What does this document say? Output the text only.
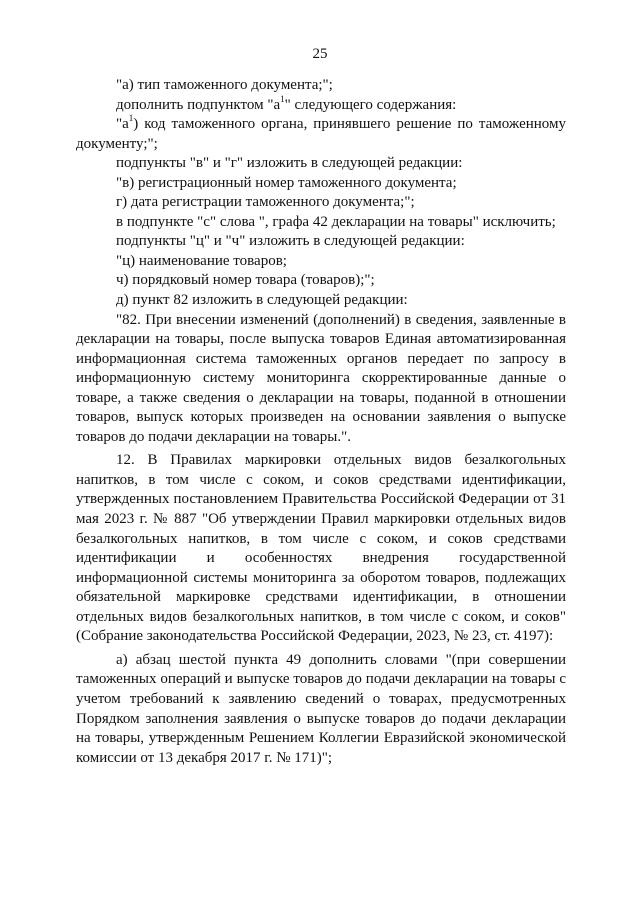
25

"а) тип таможенного документа;";

дополнить подпунктом "$а^1$" следующего содержания:

"$а^1$) код таможенного органа, принявшего решение по таможенному документу;";

подпункты "в" и "г" изложить в следующей редакции:

"в) регистрационный номер таможенного документа;

г) дата регистрации таможенного документа;";

в подпункте "с" слова ", графа 42 декларации на товары" исключить;

подпункты "ц" и "ч" изложить в следующей редакции:

"ц) наименование товаров;

ч) порядковый номер товара (товаров);";

д) пункт 82 изложить в следующей редакции:

"82. При внесении изменений (дополнений) в сведения, заявленные в декларации на товары, после выпуска товаров Единая автоматизированная информационная система таможенных органов передает по запросу в информационную систему мониторинга скорректированные данные о товаре, а также сведения о декларации на товары, поданной в отношении товаров, выпуск которых произведен на основании заявления о выпуске товаров до подачи декларации на товары.".

12. В Правилах маркировки отдельных видов безалкогольных напитков, в том числе с соком, и соков средствами идентификации, утвержденных постановлением Правительства Российской Федерации от 31 мая 2023 г. № 887 "Об утверждении Правил маркировки отдельных видов безалкогольных напитков, в том числе с соком, и соков средствами идентификации и особенностях внедрения государственной информационной системы мониторинга за оборотом товаров, подлежащих обязательной маркировке средствами идентификации, в отношении отдельных видов безалкогольных напитков, в том числе с соком, и соков" (Собрание законодательства Российской Федерации, 2023, № 23, ст. 4197):

а) абзац шестой пункта 49 дополнить словами "(при совершении таможенных операций и выпуске товаров до подачи декларации на товары с учетом требований к заявлению сведений о товарах, предусмотренных Порядком заполнения заявления о выпуске товаров до подачи декларации на товары, утвержденным Решением Коллегии Евразийской экономической комиссии от 13 декабря 2017 г. № 171)";
